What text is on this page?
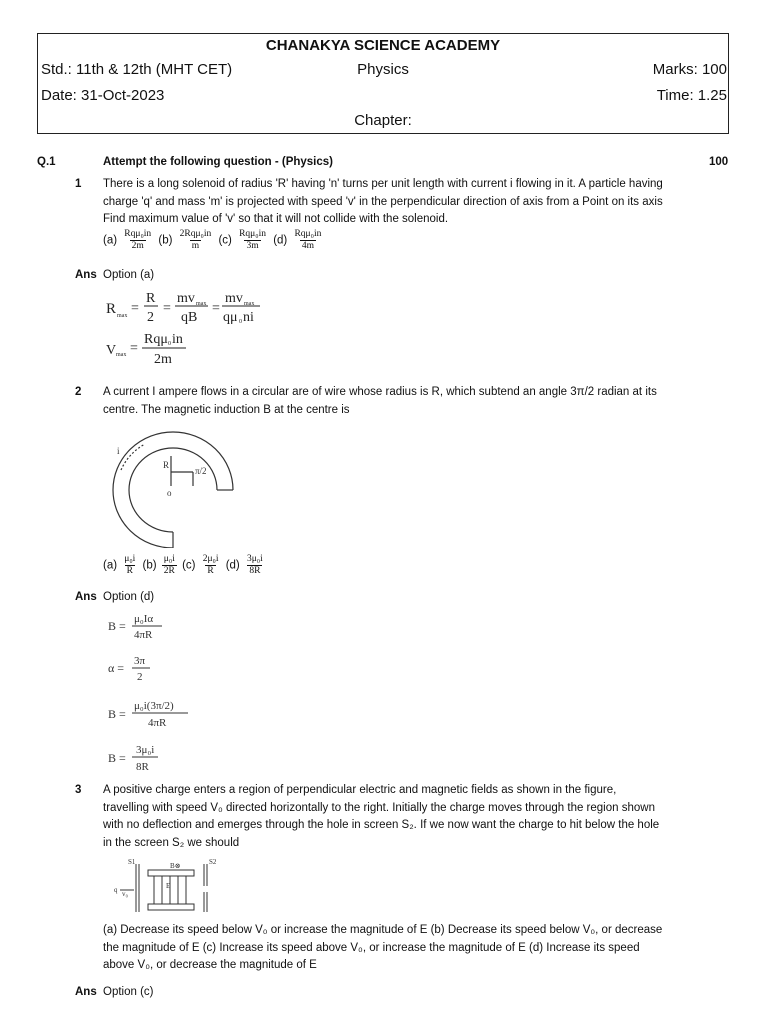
CHANAKYA SCIENCE ACADEMY
Std.: 11th & 12th (MHT CET)	Physics	Marks: 100
Date: 31-Oct-2023	Time: 1.25
Chapter:
Q.1	Attempt the following question - (Physics)	100
1 There is a long solenoid of radius 'R' having 'n' turns per unit length with current i flowing in it. A particle having
charge 'q' and mass 'm' is projected with speed 'v' in the perpendicular direction of axis from a Point on its axis
Find maximum value of 'v' so that it will not collide with the solenoid.
$(a) \frac{\text{Rqμ₀in}}{2m} (b) \frac{\text{2Rqμ₀in}}{m} (c) \frac{\text{Rqμ₀in}}{3m} (d) \frac{\text{Rqμ₀in}}{4m}$
Ans Option (a)
R max =
R
2
=
mv max
qB
=
mv max
qμ 0 ni
V max =
Rqμ 0 in
2m
2 A current I ampere flows in a circular are of wire whose radius is R, which subtend an angle 3π/2 radian at its
centre. The magnetic induction B at the centre is
i
R
π/2
o
$(a) \frac{\text{μ₀i}}{R} (b) \frac{\text{μ₀i}}{2R} (c) \frac{\text{2μ₀i}}{R} (d) \frac{\text{3μ₀i}}{8R}$
Ans Option (d)
B = μ₀Iα
4πR
α = 3π
2
B =
μ₀i(3π/2)
4πR
B =
3μ₀i
8R
3 A positive charge enters a region of perpendicular electric and magnetic fields as shown in the figure,
travelling with speed V₀ directed horizontally to the right. Initially the charge moves through the region shown
with no deflection and emerges through the hole in screen S₂. If we now want the charge to hit below the hole
in the screen S₂ we should
S1	S2
B⊗
E
q v₀
(a) Decrease its speed below V₀ or increase the magnitude of E (b) Decrease its speed below V₀, or decrease
the magnitude of E (c) Increase its speed above V₀, or increase the magnitude of E (d) Increase its speed
above V₀, or decrease the magnitude of E
Ans Option (c)
